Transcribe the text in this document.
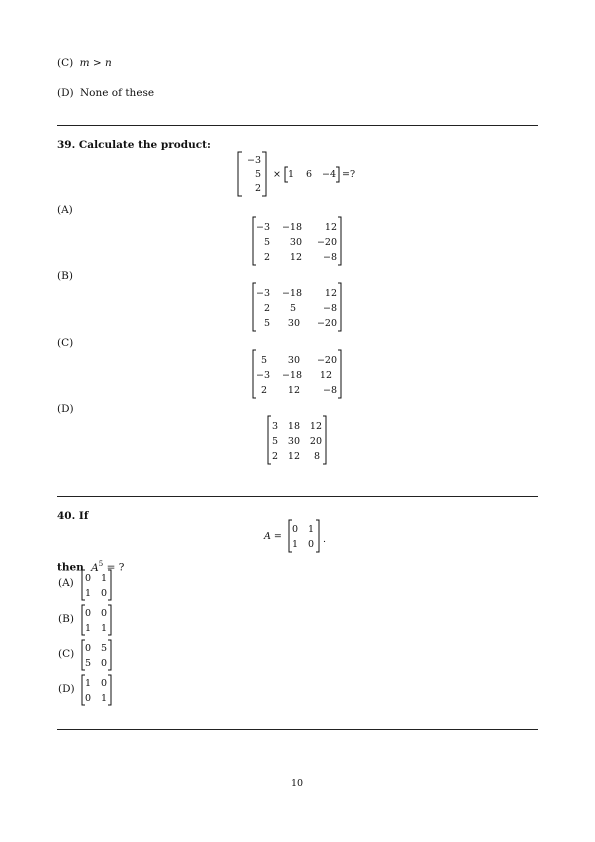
(C) m > n
(D) None of these
39. Calculate the product:
−3
5
2
× 1 6 −4 =?
(A)
−3 −18 12
5 30 −20
2 12 −8
(B)
−3 −18 12
2 5	−8
5 30 −20
(C)
5 30 −20
−3 −18 12
2 12 −8
(D)
3 18 12
5 30 20
2 12 8
40. If
A =
0 1
1 0 .
then $A^5$ = ?
(A) 0 1
1 0
(B) 0 0
1 1
(C) 0 5
5 0
(D) 1 0
0 1
10
